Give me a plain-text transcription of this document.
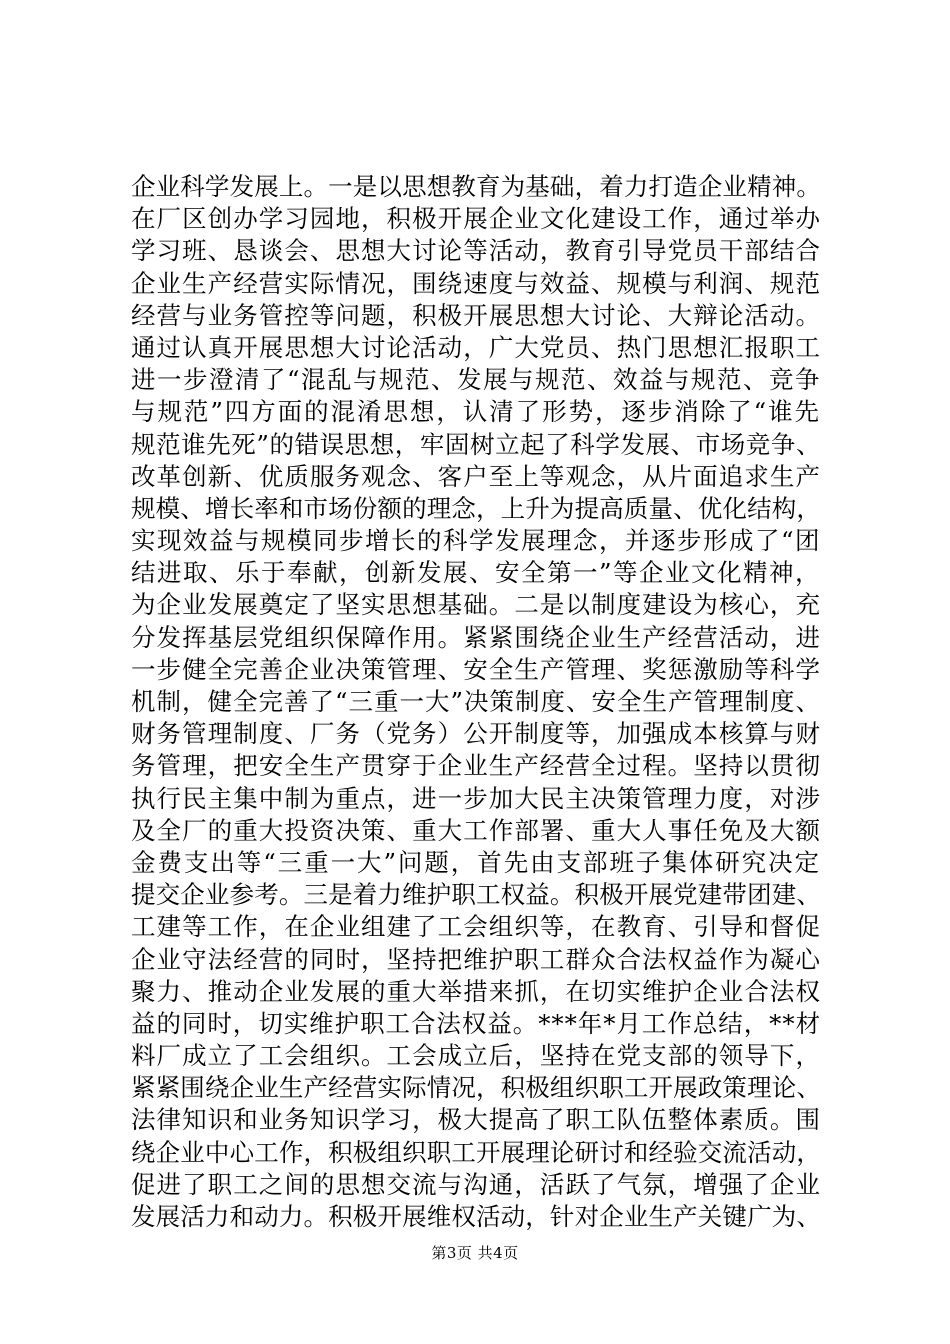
企业科学发展上。一是以思想教育为基础，着力打造企业精神。
在厂区创办学习园地，积极开展企业文化建设工作，通过举办
学习班、恳谈会、思想大讨论等活动，教育引导党员干部结合
企业生产经营实际情况，围绕速度与效益、规模与利润、规范
经营与业务管控等问题，积极开展思想大讨论、大辩论活动。
通过认真开展思想大讨论活动，广大党员、热门思想汇报职工
进一步澄清了“混乱与规范、发展与规范、效益与规范、竞争
与规范”四方面的混淆思想，认清了形势，逐步消除了“谁先
规范谁先死”的错误思想，牢固树立起了科学发展、市场竞争、
改革创新、优质服务观念、客户至上等观念，从片面追求生产
规模、增长率和市场份额的理念，上升为提高质量、优化结构，
实现效益与规模同步增长的科学发展理念，并逐步形成了“团
结进取、乐于奉献，创新发展、安全第一”等企业文化精神，
为企业发展奠定了坚实思想基础。二是以制度建设为核心，充
分发挥基层党组织保障作用。紧紧围绕企业生产经营活动，进
一步健全完善企业决策管理、安全生产管理、奖惩激励等科学
机制，健全完善了“三重一大”决策制度、安全生产管理制度、
财务管理制度、厂务（党务）公开制度等，加强成本核算与财
务管理，把安全生产贯穿于企业生产经营全过程。坚持以贯彻
执行民主集中制为重点，进一步加大民主决策管理力度，对涉
及全厂的重大投资决策、重大工作部署、重大人事任免及大额
金费支出等“三重一大”问题，首先由支部班子集体研究决定
提交企业参考。三是着力维护职工权益。积极开展党建带团建、
工建等工作，在企业组建了工会组织等，在教育、引导和督促
企业守法经营的同时，坚持把维护职工群众合法权益作为凝心
聚力、推动企业发展的重大举措来抓，在切实维护企业合法权
益的同时，切实维护职工合法权益。***年*月工作总结，**材
料厂成立了工会组织。工会成立后，坚持在党支部的领导下，
紧紧围绕企业生产经营实际情况，积极组织职工开展政策理论、
法律知识和业务知识学习，极大提高了职工队伍整体素质。围
绕企业中心工作，积极组织职工开展理论研讨和经验交流活动，
促进了职工之间的思想交流与沟通，活跃了气氛，增强了企业
发展活力和动力。积极开展维权活动，针对企业生产关键广为、
第3页 共4页
